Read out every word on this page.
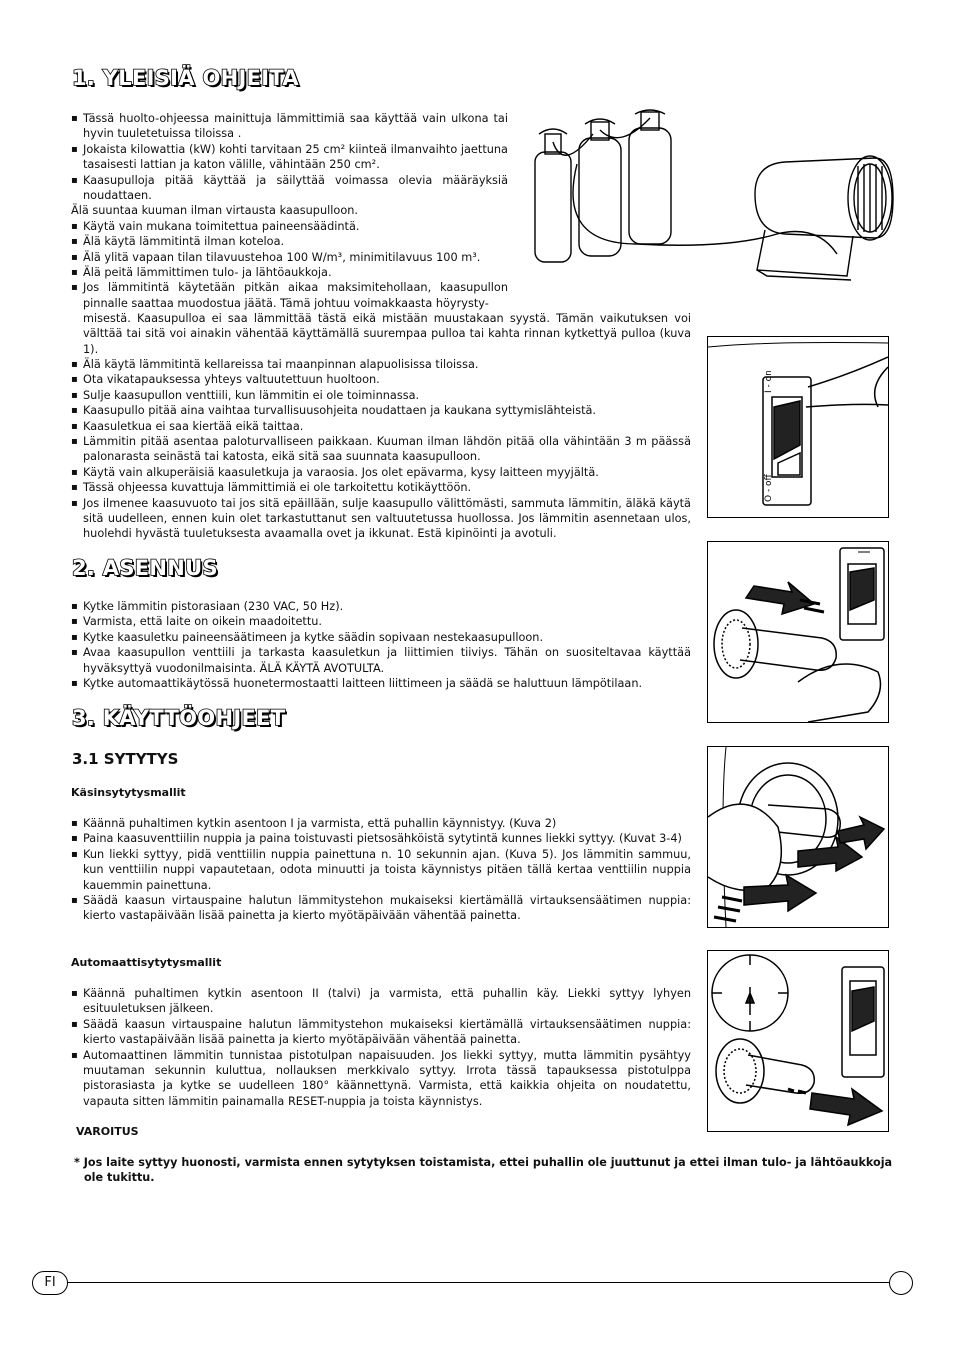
1. YLEISIÄ OHJEITA
▪ Tässä huolto-ohjeessa mainittuja lämmittimiä saa käyttää vain ulkona tai hyvin tuuletetuissa tiloissa .
▪ Jokaista kilowattia (kW) kohti tarvitaan 25 cm² kiinteä ilmanvaihto jaettuna tasaisesti lattian ja katon välille, vähintään 250 cm².
▪ Kaasupulloja pitää käyttää ja säilyttää voimassa olevia määräyksiä noudattaen.
Älä suuntaa kuuman ilman virtausta kaasupulloon.
▪ Käytä vain mukana toimitettua paineensäädintä.
▪ Älä käytä lämmitintä ilman koteloa.
▪ Älä ylitä vapaan tilan tilavuustehoa 100 W/m³, minimitilavuus 100 m³.
▪ Älä peitä lämmittimen tulo- ja lähtöaukkoja.
▪ Jos lämmitintä käytetään pitkän aikaa maksimitehollaan, kaasupullon pinnalle saattaa muodostua jäätä. Tämä johtuu voimakkaasta höyrysty-
misestä. Kaasupulloa ei saa lämmittää tästä eikä mistään muustakaan syystä. Tämän vaikutuksen voi välttää tai sitä voi ainakin vähentää käyttämällä suurempaa pulloa tai kahta rinnan kytkettyä pulloa (kuva 1).
▪ Älä käytä lämmitintä kellareissa tai maanpinnan alapuolisissa tiloissa.
▪ Ota vikatapauksessa yhteys valtuutettuun huoltoon.
▪ Sulje kaasupullon venttiili, kun lämmitin ei ole toiminnassa.
▪ Kaasupullo pitää aina vaihtaa turvallisuusohjeita noudattaen ja kaukana syttymislähteistä.
▪ Kaasuletkua ei saa kiertää eikä taittaa.
▪ Lämmitin pitää asentaa paloturvalliseen paikkaan. Kuuman ilman lähdön pitää olla vähintään 3 m päässä palonarasta seinästä tai katosta, eikä sitä saa suunnata kaasupulloon.
▪ Käytä vain alkuperäisiä kaasuletkuja ja varaosia. Jos olet epävarma, kysy laitteen myyjältä.
▪ Tässä ohjeessa kuvattuja lämmittimiä ei ole tarkoitettu kotikäyttöön.
▪ Jos ilmenee kaasuvuoto tai jos sitä epäillään, sulje kaasupullo välittömästi, sammuta lämmitin, äläkä käytä sitä uudelleen, ennen kuin olet tarkastuttanut sen valtuutetussa huollossa. Jos lämmitin asennetaan ulos, huolehdi hyvästä tuuletuksesta avaamalla ovet ja ikkunat. Estä kipinöinti ja avotuli.
2. ASENNUS
▪ Kytke lämmitin pistorasiaan (230 VAC, 50 Hz).
▪ Varmista, että laite on oikein maadoitettu.
▪ Kytke kaasuletku paineensäätimeen ja kytke säädin sopivaan nestekaasupulloon.
▪ Avaa kaasupullon venttiili ja tarkasta kaasuletkun ja liittimien tiiviys. Tähän on suositeltavaa käyttää hyväksyttyä vuodonilmaisinta. ÄLÄ KÄYTÄ AVOTULTA.
▪ Kytke automaattikäytössä huonetermostaatti laitteen liittimeen ja säädä se haluttuun lämpötilaan.
3. KÄYTTÖOHJEET
3.1 SYTYTYS
Käsinsytytysmallit
▪ Käännä puhaltimen kytkin asentoon I ja varmista, että puhallin käynnistyy. (Kuva 2)
▪ Paina kaasuventtiilin nuppia ja paina toistuvasti pietsosähköistä sytytintä kunnes liekki syttyy. (Kuvat 3-4)
▪ Kun liekki syttyy, pidä venttiilin nuppia painettuna n. 10 sekunnin ajan. (Kuva 5). Jos lämmitin sammuu, kun venttiilin nuppi vapautetaan, odota minuutti ja toista käynnistys pitäen tällä kertaa venttiilin nuppia kauemmin painettuna.
▪ Säädä kaasun virtauspaine halutun lämmitystehon mukaiseksi kiertämällä virtauksensäätimen nuppia: kierto vastapäivään lisää painetta ja kierto myötäpäivään vähentää painetta.
Automaattisytytysmallit
▪ Käännä puhaltimen kytkin asentoon II (talvi) ja varmista, että puhallin käy. Liekki syttyy lyhyen esituuletuksen jälkeen.
▪ Säädä kaasun virtauspaine halutun lämmitystehon mukaiseksi kiertämällä virtauksensäätimen nuppia: kierto vastapäivään lisää painetta ja kierto myötäpäivään vähentää painetta.
▪ Automaattinen lämmitin tunnistaa pistotulpan napaisuuden. Jos liekki syttyy, mutta lämmitin pysähtyy muutaman sekunnin kuluttua, nollauksen merkkivalo syttyy. Irrota tässä tapauksessa pistotulppa pistorasiasta ja kytke se uudelleen 180° käännettynä. Varmista, että kaikkia ohjeita on noudatettu, vapauta sitten lämmitin painamalla RESET-nuppia ja toista käynnistys.
VAROITUS
* Jos laite syttyy huonosti, varmista ennen sytytyksen toistamista, ettei puhallin ole juuttunut ja ettei ilman tulo- ja lähtöaukkoja ole tukittu.
I - on
O - off
FI
